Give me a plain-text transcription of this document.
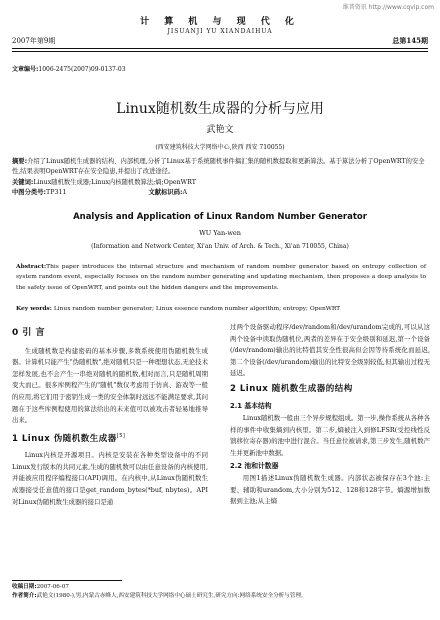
维普资讯 http://www.cqvip.com
2007年第9期
计 算 机 与 现 代 化
JISUANJI YU XIANDAIHUA
总第145期
文章编号:1006-2475(2007)09-0137-03
Linux随机数生成器的分析与应用
武艳文
(西安建筑科技大学网络中心,陕西 西安 710055)
摘要:介绍了Linux随机生成器的结构、内部机理,分析了Linux基于系统随机事件搞汇集的随机数提取和更新算法。基于算法分析了OpenWRT的安全性,结果表明OpenWRT存在安全隐患,并提出了改进途径。
关键词:Linux随机数生成器;Linux内核随机数算法;熵;OpenWRT
中图分类号:TP311	文献标识码:A
Analysis and Application of Linux Random Number Generator
WU Yan-wen
(Information and Network Center, Xi'an Univ. of Arch. & Tech., Xi'an 710055, China)
Abstract:This paper introduces the internal structure and mechanism of random number generator based on entropy collection of system random event, especially focuses on the random number generating and updating mechanism, then proposes a deep analysis to the safety issue of OpenWRT, and points out the hidden dangers and the improvements.
Key words: Linux random number generator; Linux essence random number algorithm; entropy; OpenWRT
0 引 言

生成随机数是构建密码的基本步骤,多数系统使用伪随机数生成器。计算机只能产生"伪随机数",绝对随机只是一种理想状态,无论技术怎样发展,也不会产生一串绝对随机的随机数,相对而言,只是随机周期变大而已。很多库例程产生的"随机"数仅考虑用于仿真、游戏等一般的应用,将它们用于密钥生成一类的安全体制时远远不能满足要求,其问题在于这些库例程使用的算法给出的未来值可以被攻击者轻易地推导出来。

1 Linux 伪随机数生成器[5]

Linux内核是开源项目。内核是安装在各种类型设备中的不同Linux发行版本的共同元素,生成的随机数可以由任意设备的内核使用,并能被应用程序编程接口(API)调用。在内核中,从Linux伪随机数生成器接受任意值的接口是get_random_bytes(*buf, nbytes)。API对Linux伪随机数生成器的接口是通

过两个设备驱动程序/dev/random和/dev/urandom完成的,可以从这两个设备中读取伪随机位,两者的差异在于安全级别和延迟,第一个设备(/dev/random)输出的比特值其安全性很高但会因等待系统化而延迟,第二个设备(/dev/urandom)输出的比特安全级别较低,但其输出过程无延迟。

2 Linux 随机数生成器的结构
2.1 基本结构

Linux随机数一般由三个异步规程组成。第一步,操作系统从各种各样的事件中收集熵到内核里。第二步,熵被注入到修LFSR(受控线性反馈移位寄存器)的池中进行混合。当任意位被请求,第三步发生,随机数产生并更新池中数据。

2.2 池和计数器

用图1描述Linux伪随机数生成器。内部状态被保存在3个池:主要、辅助和urandom,大小分别为512、128和128字节。熵源增加数据到主池;从主熵

收稿日期:2007-06-07
作者简介:武艳文(1980-),男,内蒙古赤峰人,西安建筑科技大学网络中心硕士研究生,研究方向:网络系统安全分析与管理。
